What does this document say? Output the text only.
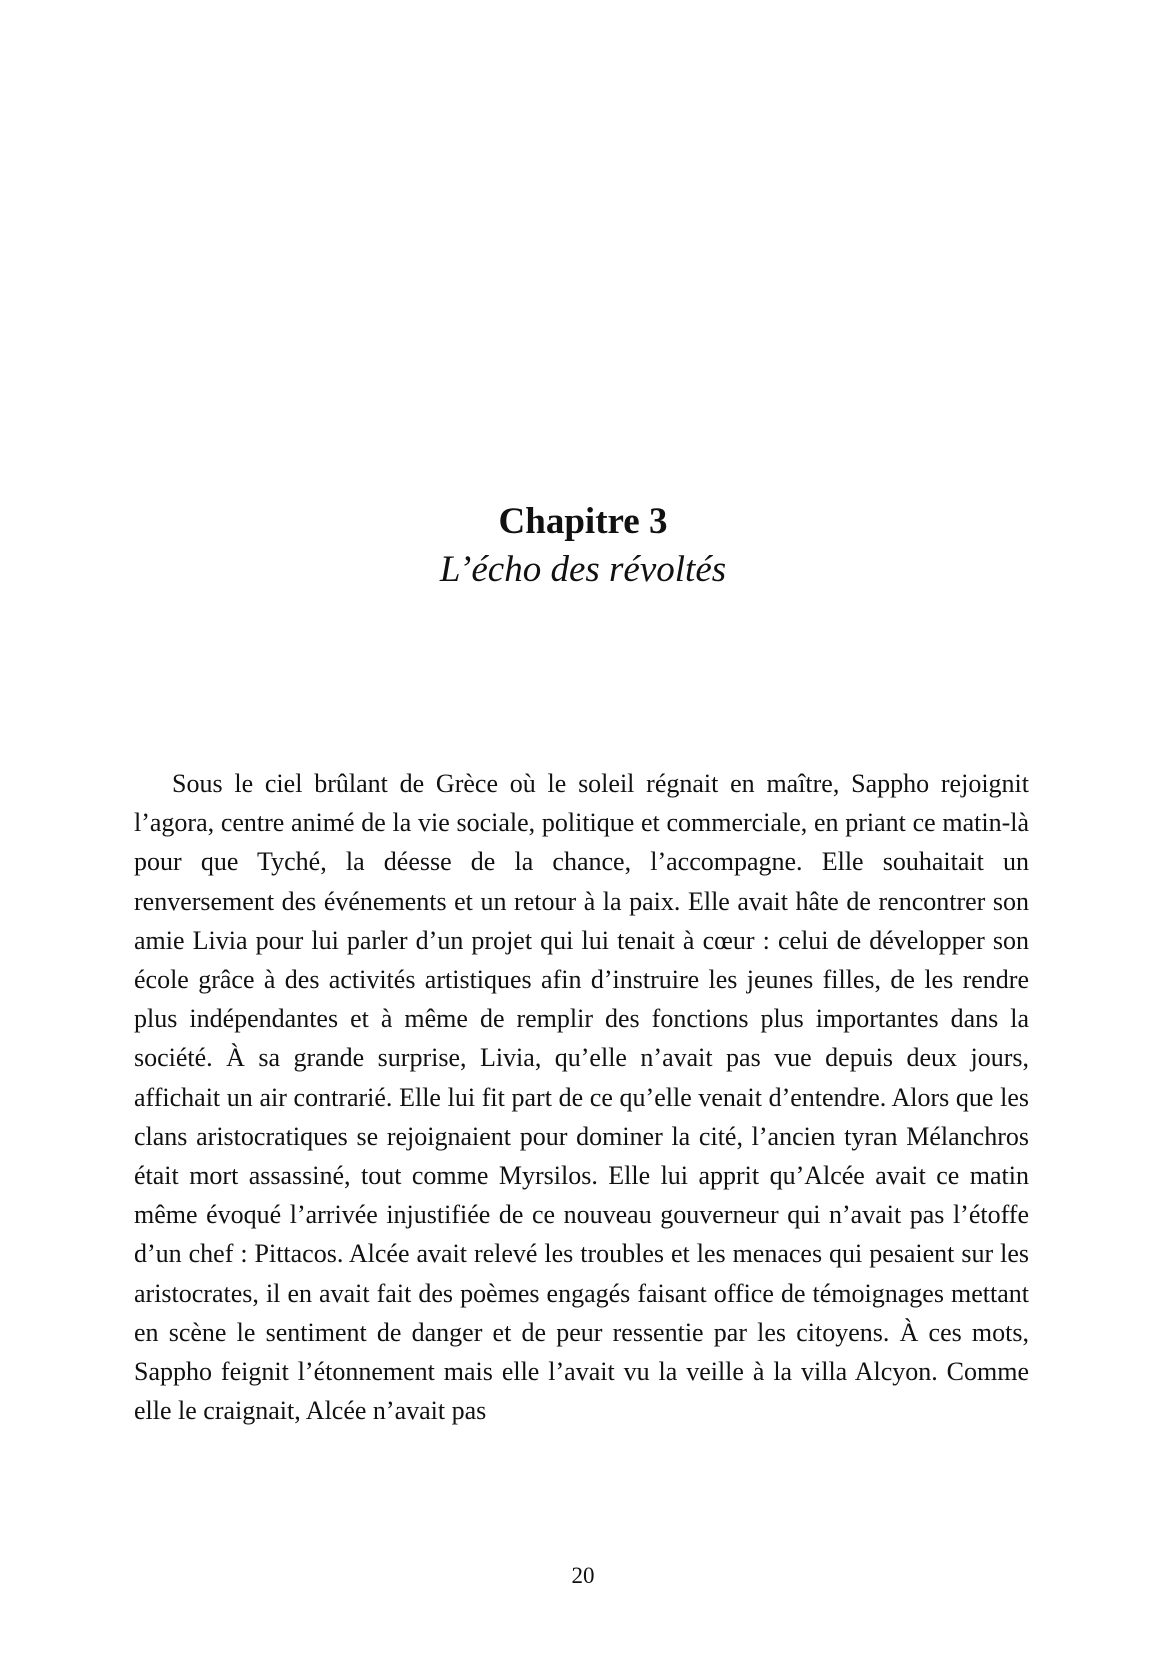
Chapitre 3

L’écho des révoltés

Sous le ciel brûlant de Grèce où le soleil régnait en maître, Sappho rejoignit l’agora, centre animé de la vie sociale, politique et commerciale, en priant ce matin-là pour que Tyché, la déesse de la chance, l’accompagne. Elle souhaitait un renversement des événements et un retour à la paix. Elle avait hâte de rencontrer son amie Livia pour lui parler d’un projet qui lui tenait à cœur : celui de développer son école grâce à des activités artistiques afin d’instruire les jeunes filles, de les rendre plus indépendantes et à même de remplir des fonctions plus importantes dans la société. À sa grande surprise, Livia, qu’elle n’avait pas vue depuis deux jours, affichait un air contrarié. Elle lui fit part de ce qu’elle venait d’entendre. Alors que les clans aristocratiques se rejoignaient pour dominer la cité, l’ancien tyran Mélanchros était mort assassiné, tout comme Myrsilos. Elle lui apprit qu’Alcée avait ce matin même évoqué l’arrivée injustifiée de ce nouveau gouverneur qui n’avait pas l’étoffe d’un chef : Pittacos. Alcée avait relevé les troubles et les menaces qui pesaient sur les aristocrates, il en avait fait des poèmes engagés faisant office de témoignages mettant en scène le sentiment de danger et de peur ressentie par les citoyens. À ces mots, Sappho feignit l’étonnement mais elle l’avait vu la veille à la villa Alcyon. Comme elle le craignait, Alcée n’avait pas

20
